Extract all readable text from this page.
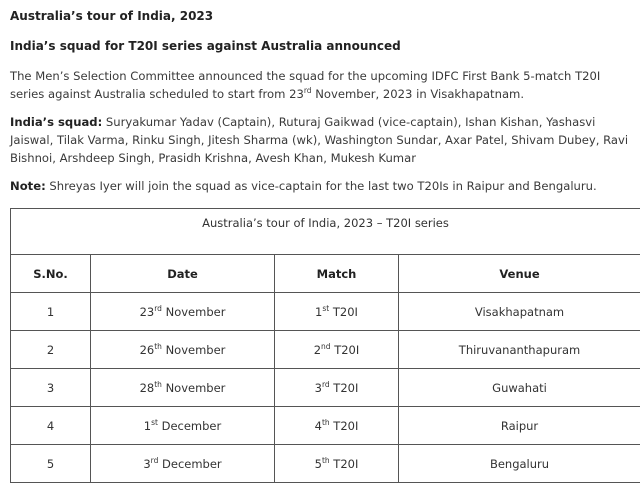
Australia’s tour of India, 2023
India’s squad for T20I series against Australia announced
The Men’s Selection Committee announced the squad for the upcoming IDFC First Bank 5-match T20I series against Australia scheduled to start from 23rd November, 2023 in Visakhapatnam.
India’s squad: Suryakumar Yadav (Captain), Ruturaj Gaikwad (vice-captain), Ishan Kishan, Yashasvi Jaiswal, Tilak Varma, Rinku Singh, Jitesh Sharma (wk), Washington Sundar, Axar Patel, Shivam Dubey, Ravi Bishnoi, Arshdeep Singh, Prasidh Krishna, Avesh Khan, Mukesh Kumar
Note: Shreyas Iyer will join the squad as vice-captain for the last two T20Is in Raipur and Bengaluru.
Australia’s tour of India, 2023 – T20I series			
S.No.	Date	Match	Venue
1	23rd November	1st T20I	Visakhapatnam
2	26th November	2nd T20I	Thiruvananthapuram
3	28th November	3rd T20I	Guwahati
4	1st December	4th T20I	Raipur
5	3rd December	5th T20I	Bengaluru
